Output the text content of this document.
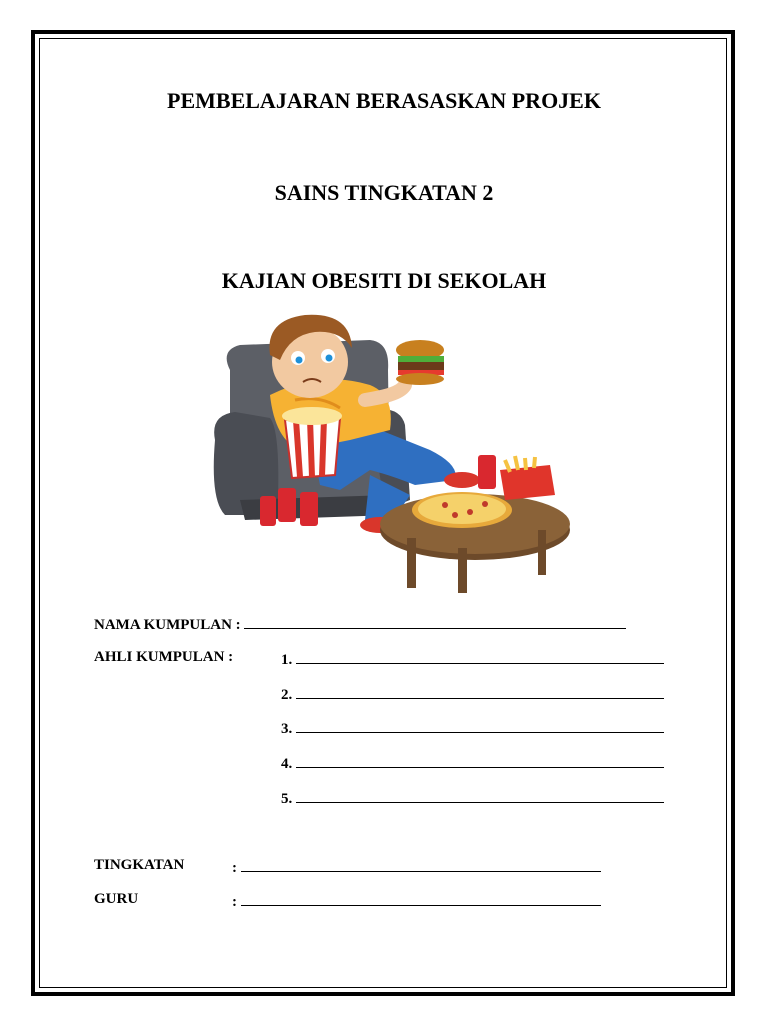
PEMBELAJARAN BERASASKAN PROJEK
SAINS TINGKATAN 2
KAJIAN OBESITI DI SEKOLAH
NAMA KUMPULAN :
AHLI KUMPULAN :	1.
2.
3.
4.
5.
TINGKATAN	:
GURU	:
